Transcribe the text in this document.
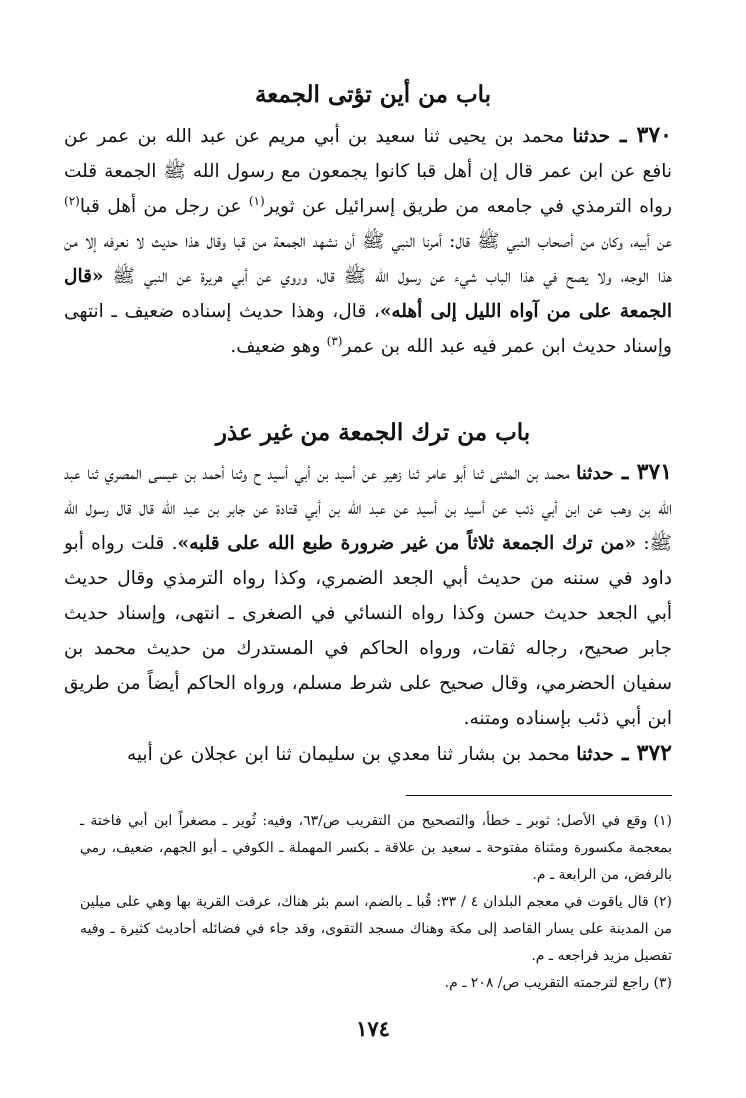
باب من أين تؤتى الجمعة

٣٧٠ ـ حدثنا محمد بن يحيى ثنا سعيد بن أبي مريم عن عبد الله بن عمر عن نافع عن ابن عمر قال إن أهل قبا كانوا يجمعون مع رسول الله ﷺ الجمعة قلت رواه الترمذي في جامعه من طريق إسرائيل عن ثوير$^{(١)}$ عن رجل من أهل قبا$^{(٢)}$ عن أبيه، وكان من أصحاب النبي ﷺ قال: أمرنا النبي ﷺ أن نشهد الجمعة من قبا وقال هذا حديث لا نعرفه إلا من هذا الوجه، ولا يصح في هذا الباب شيء عن رسول الله ﷺ قال، وروي عن أبي هريرة عن النبي ﷺ «قال الجمعة على من آواه الليل إلى أهله»، قال، وهذا حديث إسناده ضعيف ـ انتهى وإسناد حديث ابن عمر فيه عبد الله بن عمر$^{(٣)}$ وهو ضعيف.

باب من ترك الجمعة من غير عذر

٣٧١ ـ حدثنا محمد بن المثنى ثنا أبو عامر ثنا زهير عن أسيد بن أبي أسيد ح وثنا أحمد بن عيسى المصري ثنا عبد الله بن وهب عن ابن أبي ذئب عن أسيد بن أسيد عن عبد الله بن أبي قتادة عن جابر بن عبد الله قال قال رسول الله ﷺ: «من ترك الجمعة ثلاثاً من غير ضرورة طبع الله على قلبه». قلت رواه أبو داود في سننه من حديث أبي الجعد الضمري، وكذا رواه الترمذي وقال حديث أبي الجعد حديث حسن وكذا رواه النسائي في الصغرى ـ انتهى، وإسناد حديث جابر صحيح، رجاله ثقات، ورواه الحاكم في المستدرك من حديث محمد بن سفيان الحضرمي، وقال صحيح على شرط مسلم، ورواه الحاكم أيضاً من طريق ابن أبي ذئب بإسناده ومتنه.

٣٧٢ ـ حدثنا محمد بن بشار ثنا معدي بن سليمان ثنا ابن عجلان عن أبيه

(١) وقع في الأصل: ثوبر ـ خطأ، والتصحيح من التقريب ص/٦٣، وفيه: ثُوير ـ مصغراً ابن أبي فاختة ـ بمعجمة مكسورة ومثناة مفتوحة ـ سعيد بن علاقة ـ بكسر المهملة ـ الكوفي ـ أبو الجهم، ضعيف، رمي بالرفض، من الرابعة ـ م.

(٢) قال ياقوت في معجم البلدان ٤ / ٣٣: قُبا ـ بالضم، اسم بئر هناك، عرفت القرية بها وهي على ميلين من المدينة على يسار القاصد إلى مكة وهناك مسجد التقوى، وقد جاء في فضائله أحاديث كثيرة ـ وفيه تفصيل مزيد فراجعه ـ م.

(٣) راجع لترجمته التقريب ص/ ٢٠٨ ـ م.

١٧٤
